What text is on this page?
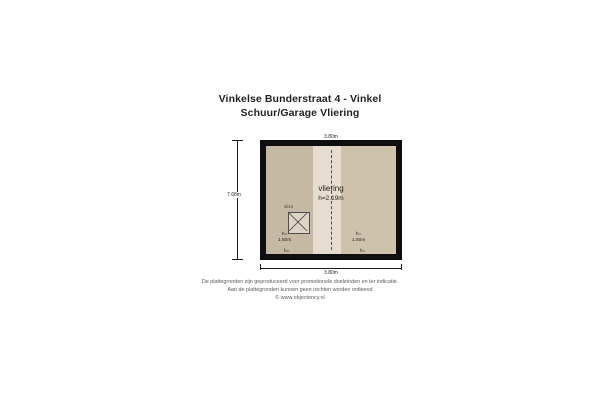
Vinkelse Bunderstraat 4 - Vinkel
Schuur/Garage Vliering
3.80m
7.68m
vliering
h=2.19m
vlizo
h=
1.50m
h=
1.50m
h=
0.00m
h=
0.00m
3.80m
De plattegronden zijn geproduceerd voor promotionele doeleinden en ter indicatie.
Aan de plattegronden kunnen geen rechten worden ontleend
© www.objectency.nl
